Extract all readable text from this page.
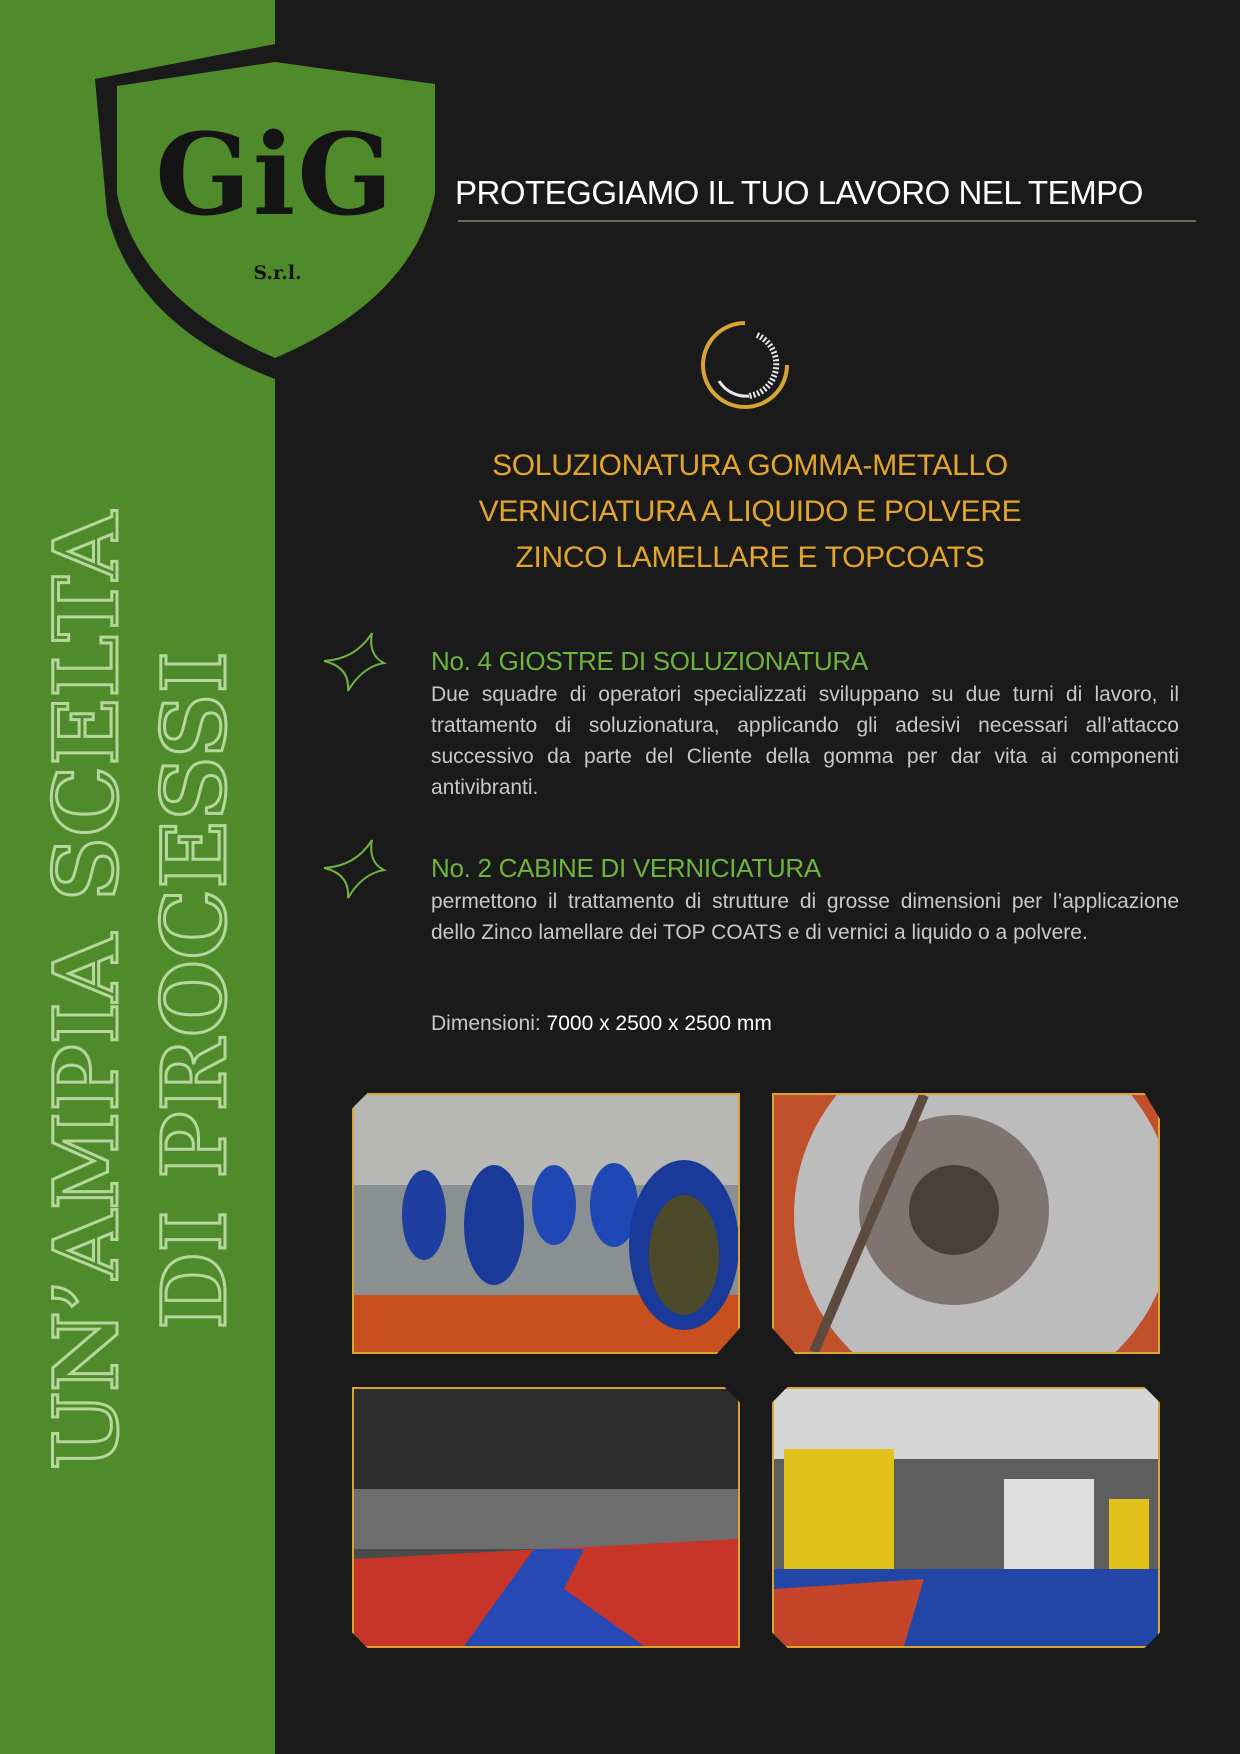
GiG
S.r.l.
UN’AMPIA SCELTA DI PROCESSI
PROTEGGIAMO IL TUO LAVORO NEL TEMPO
SOLUZIONATURA GOMMA-METALLO
VERNICIATURA A LIQUIDO E POLVERE
ZINCO LAMELLARE E TOPCOATS
No. 4 GIOSTRE DI SOLUZIONATURA
Due squadre di operatori specializzati sviluppano su due turni di lavoro, il trattamento di soluzionatura, applicando gli adesivi necessari all’attacco successivo da parte del Cliente della gomma per dar vita ai componenti antivibranti.
No. 2 CABINE DI VERNICIATURA
permettono il trattamento di strutture di grosse dimensioni per l’applicazione dello Zinco lamellare dei TOP COATS e di vernici a liquido o a polvere.
Dimensioni: 7000 x 2500 x 2500 mm
